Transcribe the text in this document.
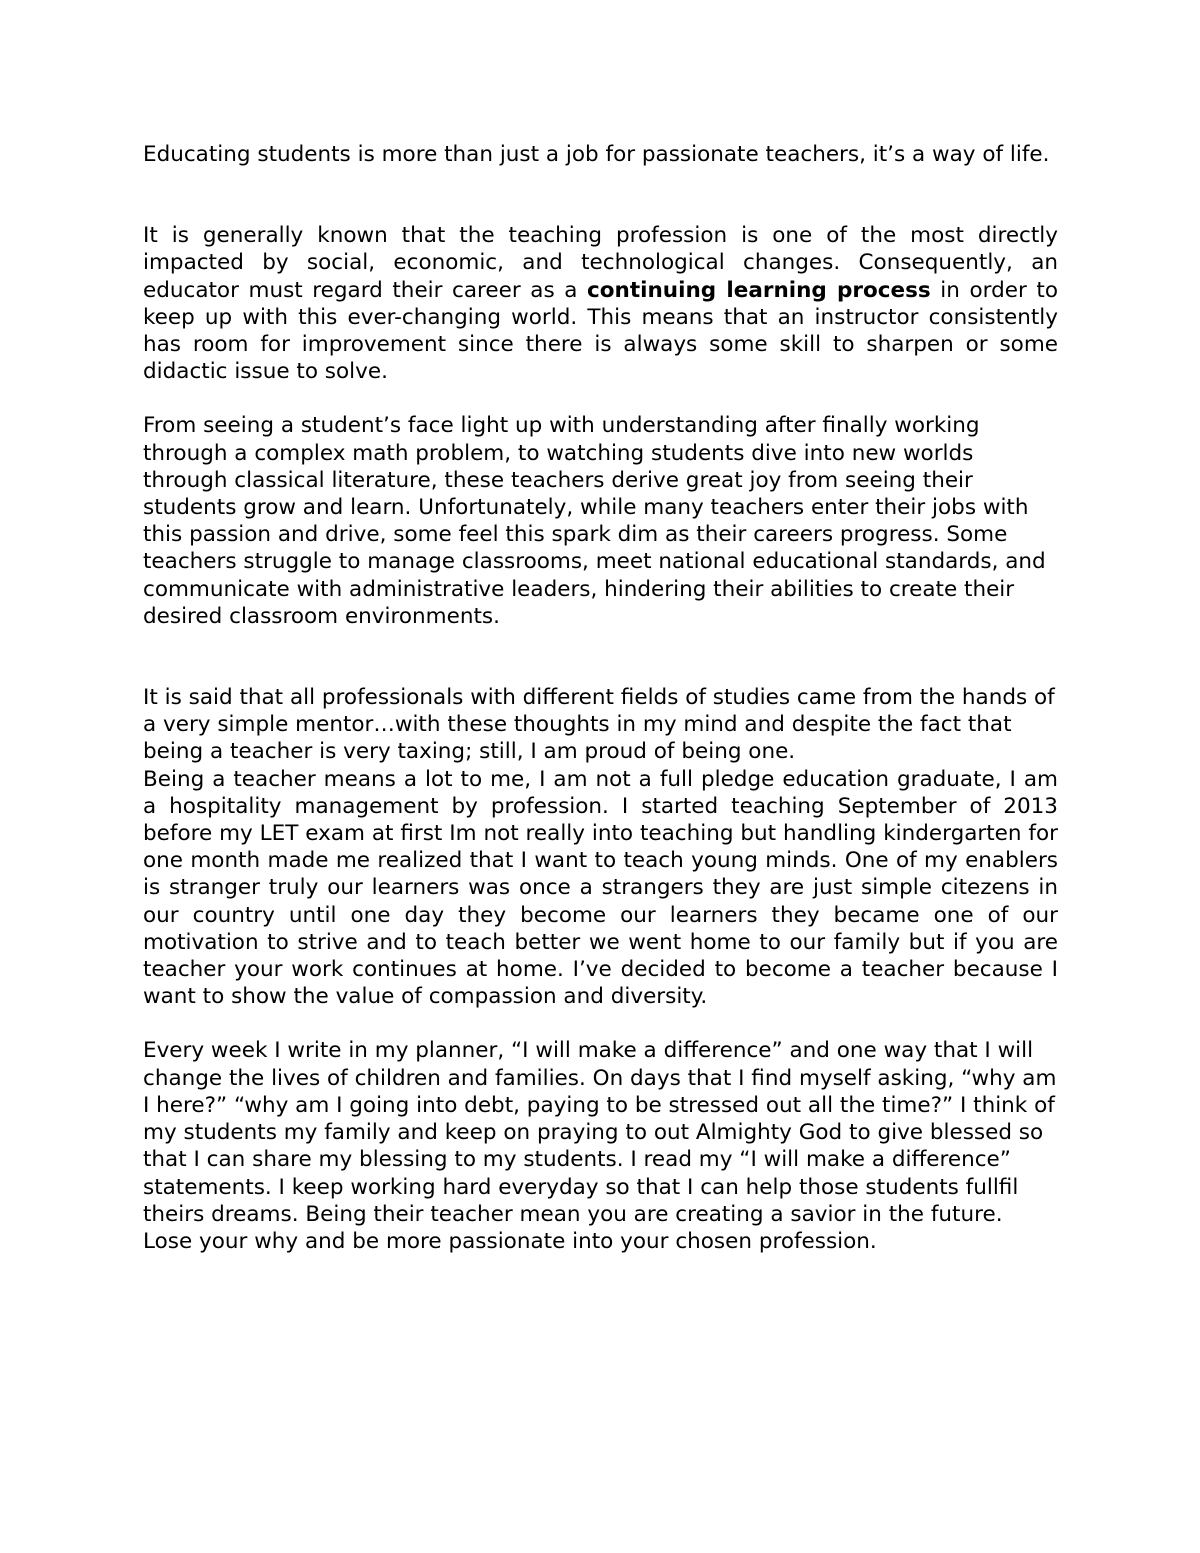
Educating students is more than just a job for passionate teachers, it’s a way of life.

It is generally known that the teaching profession is one of the most directly impacted by social, economic, and technological changes. Consequently, an educator must regard their career as a continuing learning process in order to keep up with this ever-changing world. This means that an instructor consistently has room for improvement since there is always some skill to sharpen or some didactic issue to solve.

From seeing a student’s face light up with understanding after finally working through a complex math problem, to watching students dive into new worlds through classical literature, these teachers derive great joy from seeing their students grow and learn. Unfortunately, while many teachers enter their jobs with this passion and drive, some feel this spark dim as their careers progress. Some teachers struggle to manage classrooms, meet national educational standards, and communicate with administrative leaders, hindering their abilities to create their desired classroom environments.

It is said that all professionals with different fields of studies came from the hands of a very simple mentor…with these thoughts in my mind and despite the fact that being a teacher is very taxing; still, I am proud of being one.

Being a teacher means a lot to me, I am not a full pledge education graduate, I am a hospitality management by profession. I started teaching September of 2013 before my LET exam at first Im not really into teaching but handling kindergarten for one month made me realized that I want to teach young minds. One of my enablers is stranger truly our learners was once a strangers they are just simple citezens in our country until one day they become our learners they became one of our motivation to strive and to teach better we went home to our family but if you are teacher your work continues at home. I’ve decided to become a teacher because I want to show the value of compassion and diversity.

Every week I write in my planner, “I will make a difference” and one way that I will change the lives of children and families. On days that I find myself asking, “why am I here?” “why am I going into debt, paying to be stressed out all the time?” I think of my students my family and keep on praying to out Almighty God to give blessed so that I can share my blessing to my students. I read my “I will make a difference” statements. I keep working hard everyday so that I can help those students fullfil theirs dreams. Being their teacher mean you are creating a savior in the future. Lose your why and be more passionate into your chosen profession.
